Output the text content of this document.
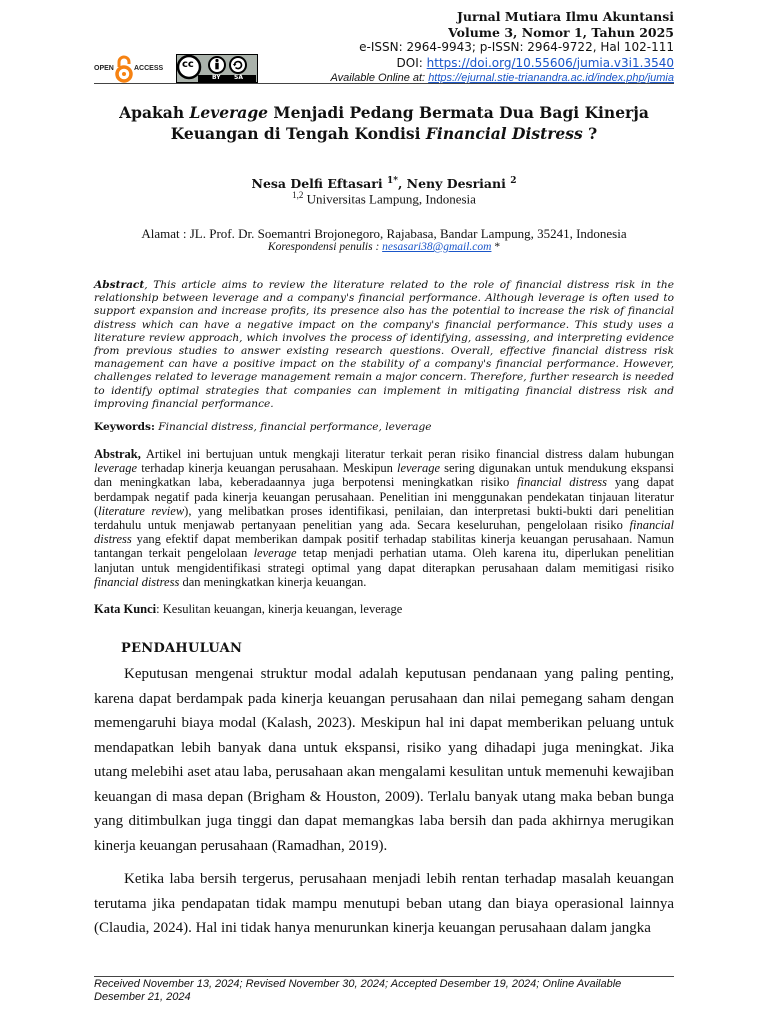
Jurnal Mutiara Ilmu Akuntansi
Volume 3, Nomor 1, Tahun 2025
e-ISSN: 2964-9943; p-ISSN: 2964-9722, Hal 102-111
DOI: https://doi.org/10.55606/jumia.v3i1.3540
Available Online at: https://ejurnal.stie-trianandra.ac.id/index.php/jumia
OPEN	ACCESS cc
BY SA
Apakah Leverage Menjadi Pedang Bermata Dua Bagi Kinerja Keuangan di Tengah Kondisi Financial Distress ?
Nesa Delfi Eftasari $^{1*}$, Neny Desriani $^2$
$^{1,2}$ Universitas Lampung, Indonesia
Alamat : JL. Prof. Dr. Soemantri Brojonegoro, Rajabasa, Bandar Lampung, 35241, Indonesia
Korespondensi penulis : nesasari38@gmail.com *
Abstract, This article aims to review the literature related to the role of financial distress risk in the relationship between leverage and a company's financial performance. Although leverage is often used to support expansion and increase profits, its presence also has the potential to increase the risk of financial distress which can have a negative impact on the company's financial performance. This study uses a literature review approach, which involves the process of identifying, assessing, and interpreting evidence from previous studies to answer existing research questions. Overall, effective financial distress risk management can have a positive impact on the stability of a company's financial performance. However, challenges related to leverage management remain a major concern. Therefore, further research is needed to identify optimal strategies that companies can implement in mitigating financial distress risk and improving financial performance.
Keywords: Financial distress, financial performance, leverage
Abstrak, Artikel ini bertujuan untuk mengkaji literatur terkait peran risiko financial distress dalam hubungan leverage terhadap kinerja keuangan perusahaan. Meskipun leverage sering digunakan untuk mendukung ekspansi dan meningkatkan laba, keberadaannya juga berpotensi meningkatkan risiko financial distress yang dapat berdampak negatif pada kinerja keuangan perusahaan. Penelitian ini menggunakan pendekatan tinjauan literatur (literature review), yang melibatkan proses identifikasi, penilaian, dan interpretasi bukti-bukti dari penelitian terdahulu untuk menjawab pertanyaan penelitian yang ada. Secara keseluruhan, pengelolaan risiko financial distress yang efektif dapat memberikan dampak positif terhadap stabilitas kinerja keuangan perusahaan. Namun tantangan terkait pengelolaan leverage tetap menjadi perhatian utama. Oleh karena itu, diperlukan penelitian lanjutan untuk mengidentifikasi strategi optimal yang dapat diterapkan perusahaan dalam memitigasi risiko financial distress dan meningkatkan kinerja keuangan.
Kata Kunci: Kesulitan keuangan, kinerja keuangan, leverage
PENDAHULUAN
Keputusan mengenai struktur modal adalah keputusan pendanaan yang paling penting, karena dapat berdampak pada kinerja keuangan perusahaan dan nilai pemegang saham dengan memengaruhi biaya modal (Kalash, 2023). Meskipun hal ini dapat memberikan peluang untuk mendapatkan lebih banyak dana untuk ekspansi, risiko yang dihadapi juga meningkat. Jika utang melebihi aset atau laba, perusahaan akan mengalami kesulitan untuk memenuhi kewajiban keuangan di masa depan (Brigham & Houston, 2009). Terlalu banyak utang maka beban bunga yang ditimbulkan juga tinggi dan dapat memangkas laba bersih dan pada akhirnya merugikan kinerja keuangan perusahaan (Ramadhan, 2019).
Ketika laba bersih tergerus, perusahaan menjadi lebih rentan terhadap masalah keuangan terutama jika pendapatan tidak mampu menutupi beban utang dan biaya operasional lainnya (Claudia, 2024). Hal ini tidak hanya menurunkan kinerja keuangan perusahaan dalam jangka
Received November 13, 2024; Revised November 30, 2024; Accepted Desember 19, 2024; Online Available Desember 21, 2024
